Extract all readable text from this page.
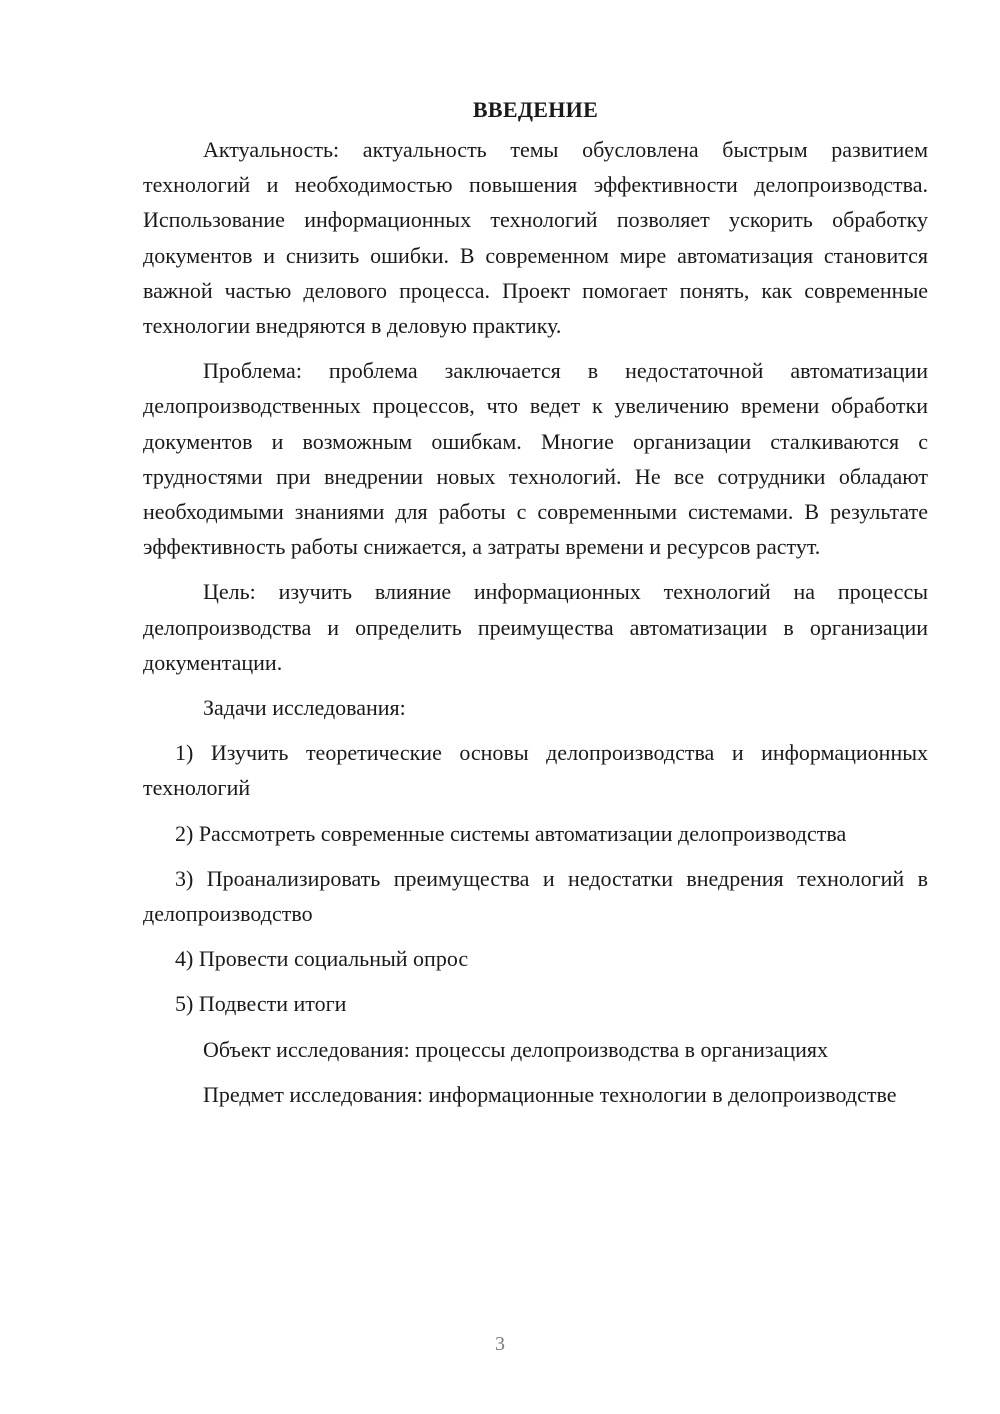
ВВЕДЕНИЕ

Актуальность: актуальность темы обусловлена быстрым развитием технологий и необходимостью повышения эффективности делопроизводства. Использование информационных технологий позволяет ускорить обработку документов и снизить ошибки. В современном мире автоматизация становится важной частью делового процесса. Проект помогает понять, как современные технологии внедряются в деловую практику.

Проблема: проблема заключается в недостаточной автоматизации делопроизводственных процессов, что ведет к увеличению времени обработки документов и возможным ошибкам. Многие организации сталкиваются с трудностями при внедрении новых технологий. Не все сотрудники обладают необходимыми знаниями для работы с современными системами. В результате эффективность работы снижается, а затраты времени и ресурсов растут.

Цель: изучить влияние информационных технологий на процессы делопроизводства и определить преимущества автоматизации в организации документации.

Задачи исследования:

1) Изучить теоретические основы делопроизводства и информационных технологий

2) Рассмотреть современные системы автоматизации делопроизводства

3) Проанализировать преимущества и недостатки внедрения технологий в делопроизводство

4) Провести социальный опрос

5) Подвести итоги

Объект исследования: процессы делопроизводства в организациях

Предмет исследования: информационные технологии в делопроизводстве

3
